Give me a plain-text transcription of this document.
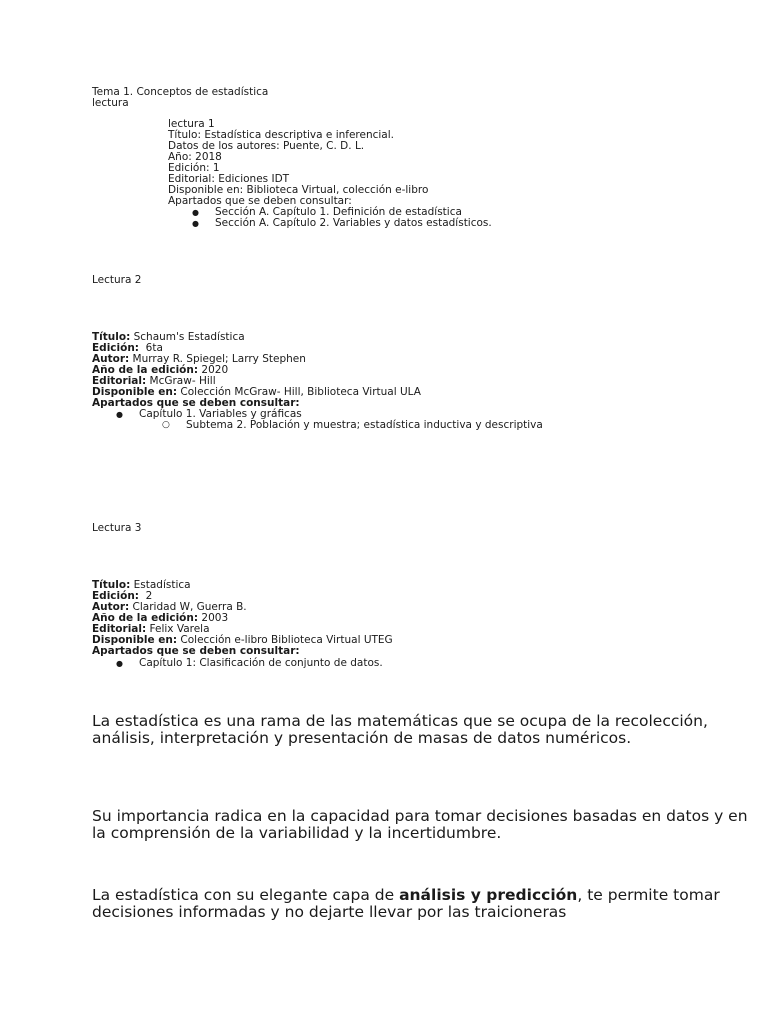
Tema 1. Conceptos de estadística
lectura
lectura 1
Título: Estadística descriptiva e inferencial.
Datos de los autores: Puente, C. D. L.
Año: 2018
Edición: 1
Editorial: Ediciones IDT
Disponible en: Biblioteca Virtual, colección e-libro
Apartados que se deben consultar:
● Sección A. Capítulo 1. Definición de estadística
● Sección A. Capítulo 2. Variables y datos estadísticos.
Lectura 2
Título: Schaum's Estadística
Edición:  6ta
Autor: Murray R. Spiegel; Larry Stephen
Año de la edición: 2020
Editorial: McGraw- Hill
Disponible en: Colección McGraw- Hill, Biblioteca Virtual ULA
Apartados que se deben consultar:
● Capítulo 1. Variables y gráficas
○ Subtema 2. Población y muestra; estadística inductiva y descriptiva
Lectura 3
Título: Estadística
Edición:  2
Autor: Claridad W, Guerra B.
Año de la edición: 2003
Editorial: Felix Varela
Disponible en: Colección e-libro Biblioteca Virtual UTEG
Apartados que se deben consultar:
● Capítulo 1: Clasificación de conjunto de datos.
La estadística es una rama de las matemáticas que se ocupa de la recolección, análisis, interpretación y presentación de masas de datos numéricos.
Su importancia radica en la capacidad para tomar decisiones basadas en datos y en la comprensión de la variabilidad y la incertidumbre.
La estadística con su elegante capa de análisis y predicción, te permite tomar decisiones informadas y no dejarte llevar por las traicioneras
